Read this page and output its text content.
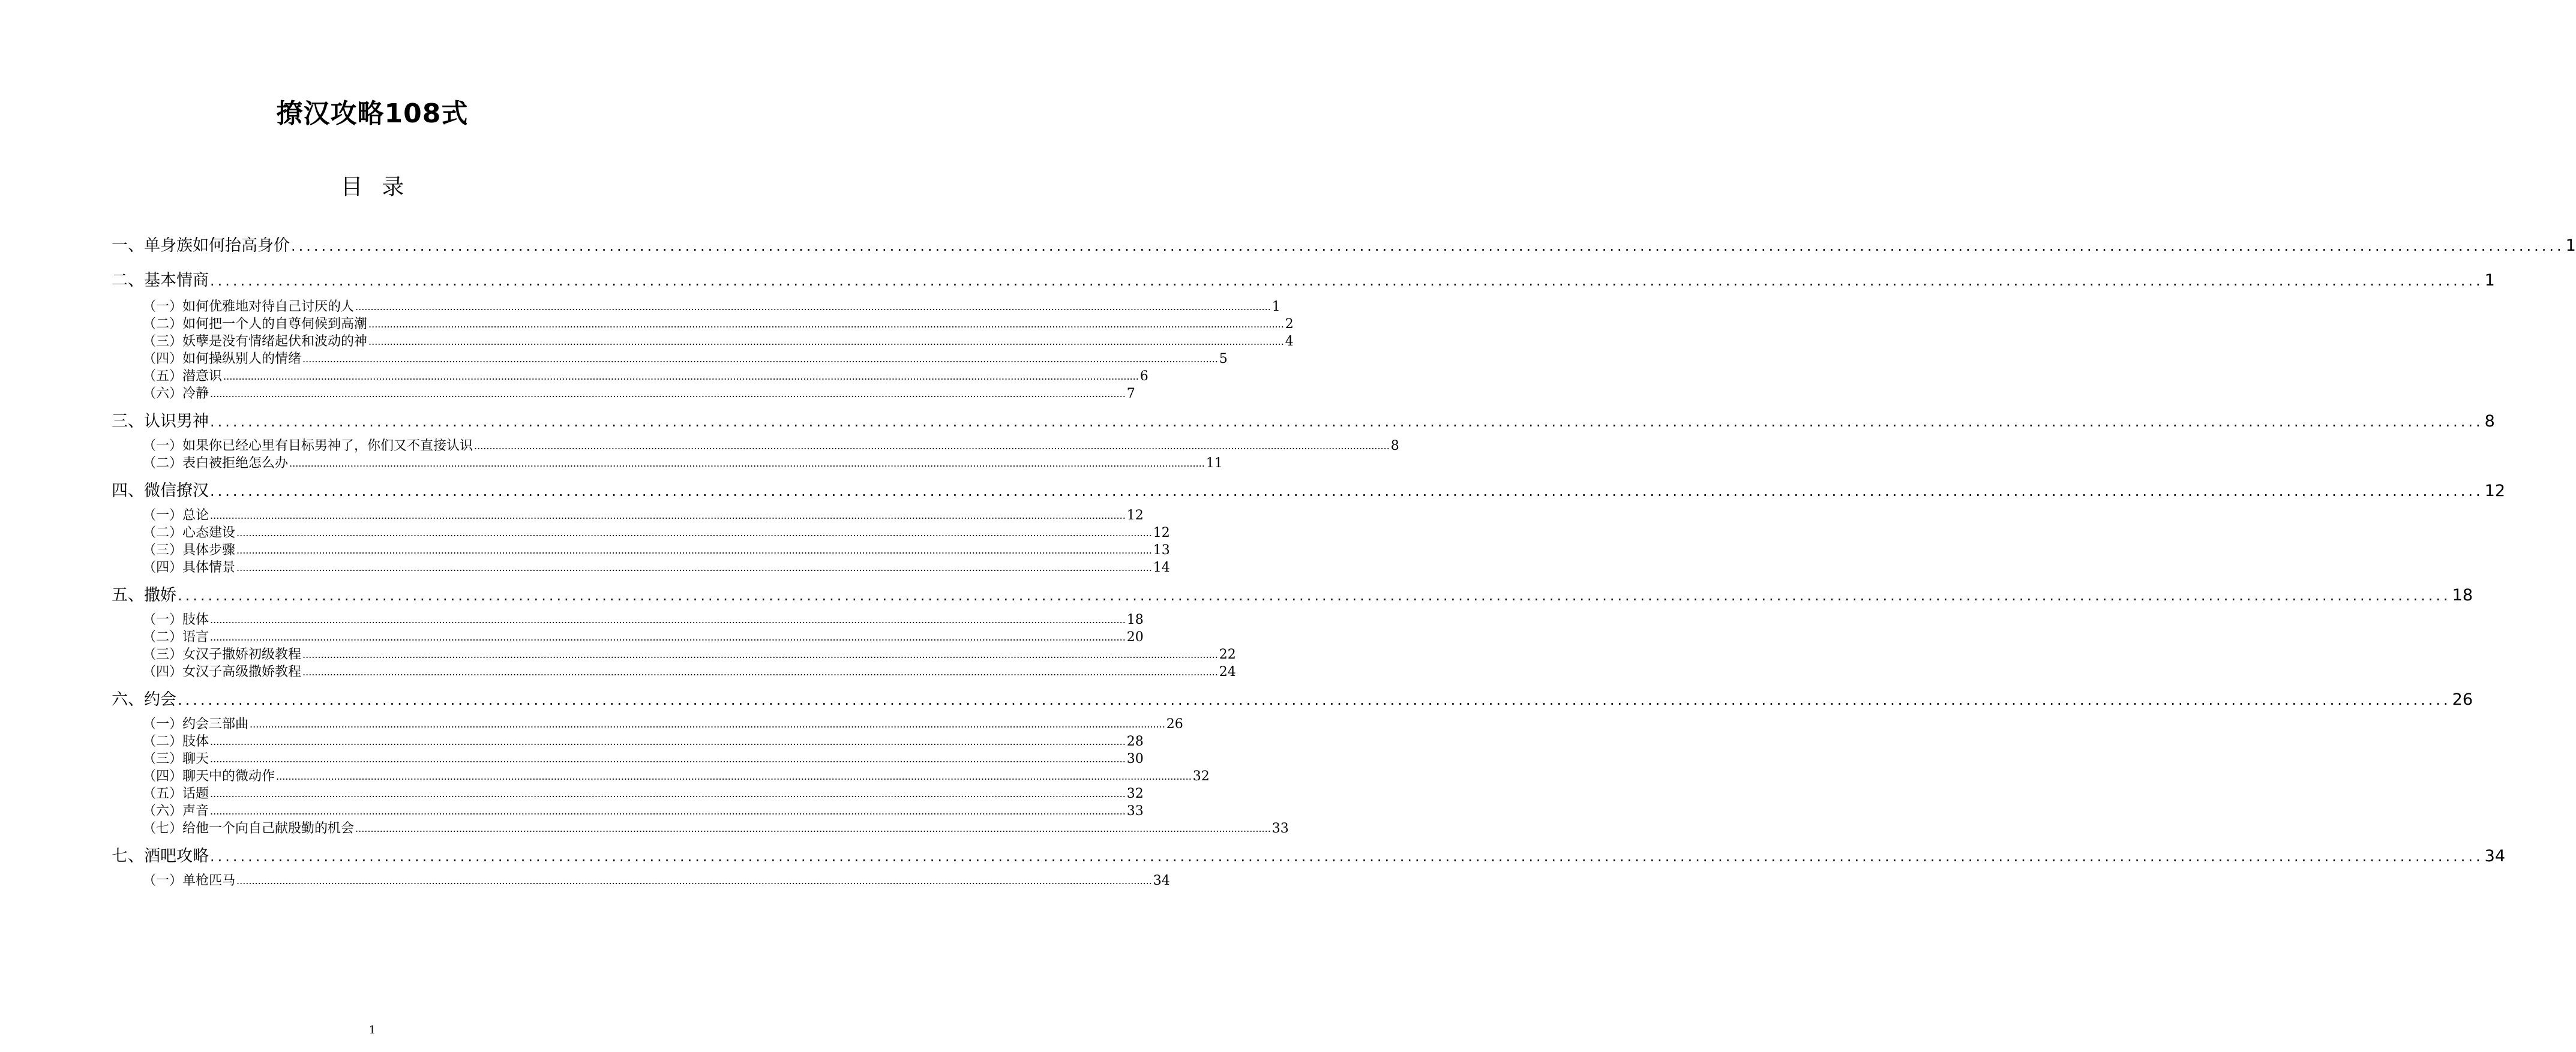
撩汉攻略108式
目 录
一、单身族如何抬高身价 ............................................................................................................................................................................................................................................................................................................ 1
二、基本情商 ............................................................................................................................................................................................................................................................................................................ 1
（一）如何优雅地对待自己讨厌的人 ............................................................................................................................................................................................................................................................................................................ 1
（二）如何把一个人的自尊伺候到高潮 ............................................................................................................................................................................................................................................................................................................ 2
（三）妖孽是没有情绪起伏和波动的神 ............................................................................................................................................................................................................................................................................................................ 4
（四）如何操纵别人的情绪 ............................................................................................................................................................................................................................................................................................................ 5
（五）潜意识 ............................................................................................................................................................................................................................................................................................................ 6
（六）冷静 ............................................................................................................................................................................................................................................................................................................ 7
三、认识男神 ............................................................................................................................................................................................................................................................................................................ 8
（一）如果你已经心里有目标男神了，你们又不直接认识 ............................................................................................................................................................................................................................................................................................................ 8
（二）表白被拒绝怎么办 ............................................................................................................................................................................................................................................................................................................ 11
四、微信撩汉 ............................................................................................................................................................................................................................................................................................................ 12
（一）总论 ............................................................................................................................................................................................................................................................................................................ 12
（二）心态建设 ............................................................................................................................................................................................................................................................................................................ 12
（三）具体步骤 ............................................................................................................................................................................................................................................................................................................ 13
（四）具体情景 ............................................................................................................................................................................................................................................................................................................ 14
五、撒娇 ............................................................................................................................................................................................................................................................................................................ 18
（一）肢体 ............................................................................................................................................................................................................................................................................................................ 18
（二）语言 ............................................................................................................................................................................................................................................................................................................ 20
（三）女汉子撒娇初级教程 ............................................................................................................................................................................................................................................................................................................ 22
（四）女汉子高级撒娇教程 ............................................................................................................................................................................................................................................................................................................ 24
六、约会 ............................................................................................................................................................................................................................................................................................................ 26
（一）约会三部曲 ............................................................................................................................................................................................................................................................................................................ 26
（二）肢体 ............................................................................................................................................................................................................................................................................................................ 28
（三）聊天 ............................................................................................................................................................................................................................................................................................................ 30
（四）聊天中的微动作 ............................................................................................................................................................................................................................................................................................................ 32
（五）话题 ............................................................................................................................................................................................................................................................................................................ 32
（六）声音 ............................................................................................................................................................................................................................................................................................................ 33
（七）给他一个向自己献殷勤的机会 ............................................................................................................................................................................................................................................................................................................ 33
七、酒吧攻略 ............................................................................................................................................................................................................................................................................................................ 34
（一）单枪匹马 ............................................................................................................................................................................................................................................................................................................ 34
1
